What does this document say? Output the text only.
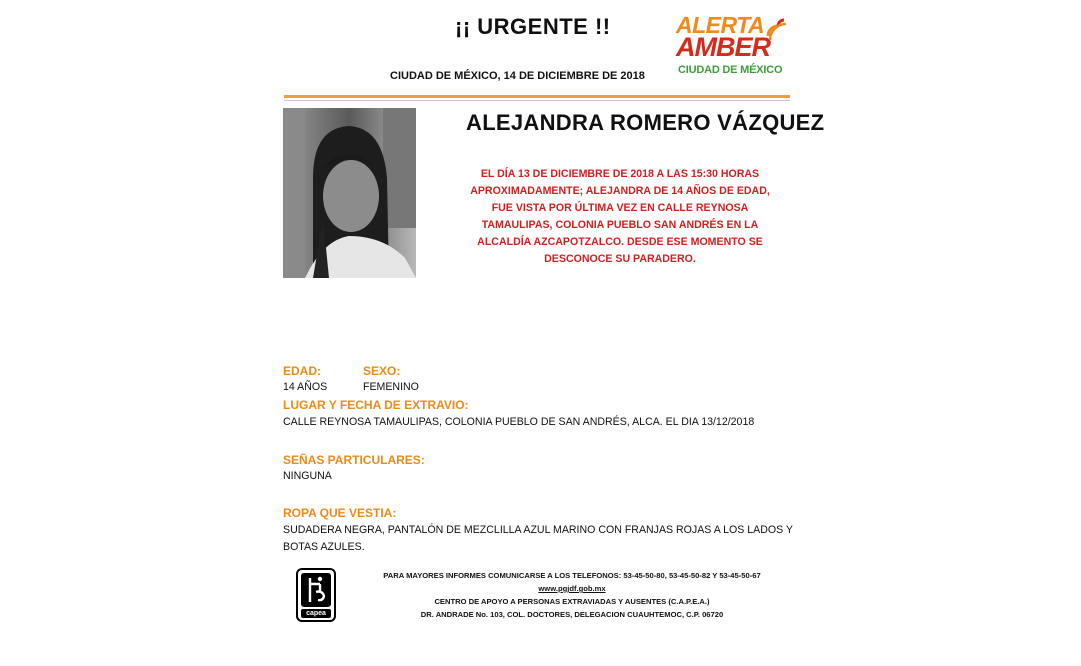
¡¡ URGENTE !!
CIUDAD DE MÉXICO, 14 DE DICIEMBRE DE 2018
ALERTA
AMBER
CIUDAD DE MÉXICO
ALEJANDRA ROMERO VÁZQUEZ
EL DÍA 13 DE DICIEMBRE DE 2018 A LAS 15:30 HORAS
APROXIMADAMENTE; ALEJANDRA DE 14 AÑOS DE EDAD,
FUE VISTA POR ÚLTIMA VEZ EN CALLE REYNOSA
TAMAULIPAS, COLONIA PUEBLO SAN ANDRÉS EN LA
ALCALDÍA AZCAPOTZALCO. DESDE ESE MOMENTO SE
DESCONOCE SU PARADERO.
EDAD:
14 AÑOS
SEXO:
FEMENINO
LUGAR Y FECHA DE EXTRAVIO:
CALLE REYNOSA TAMAULIPAS, COLONIA PUEBLO DE SAN ANDRÉS, ALCA. EL DIA 13/12/2018
SEÑAS PARTICULARES:
NINGUNA
ROPA QUE VESTIA:
SUDADERA NEGRA, PANTALÓN DE MEZCLILLA AZUL MARINO CON FRANJAS ROJAS A LOS LADOS Y
BOTAS AZULES.
capea
PARA MAYORES INFORMES COMUNICARSE A LOS TELEFONOS: 53-45-50-80, 53-45-50-82 Y 53-45-50-67
www.pgjdf.gob.mx
CENTRO DE APOYO A PERSONAS EXTRAVIADAS Y AUSENTES (C.A.P.E.A.)
DR. ANDRADE No. 103, COL. DOCTORES, DELEGACION CUAUHTEMOC, C.P. 06720
